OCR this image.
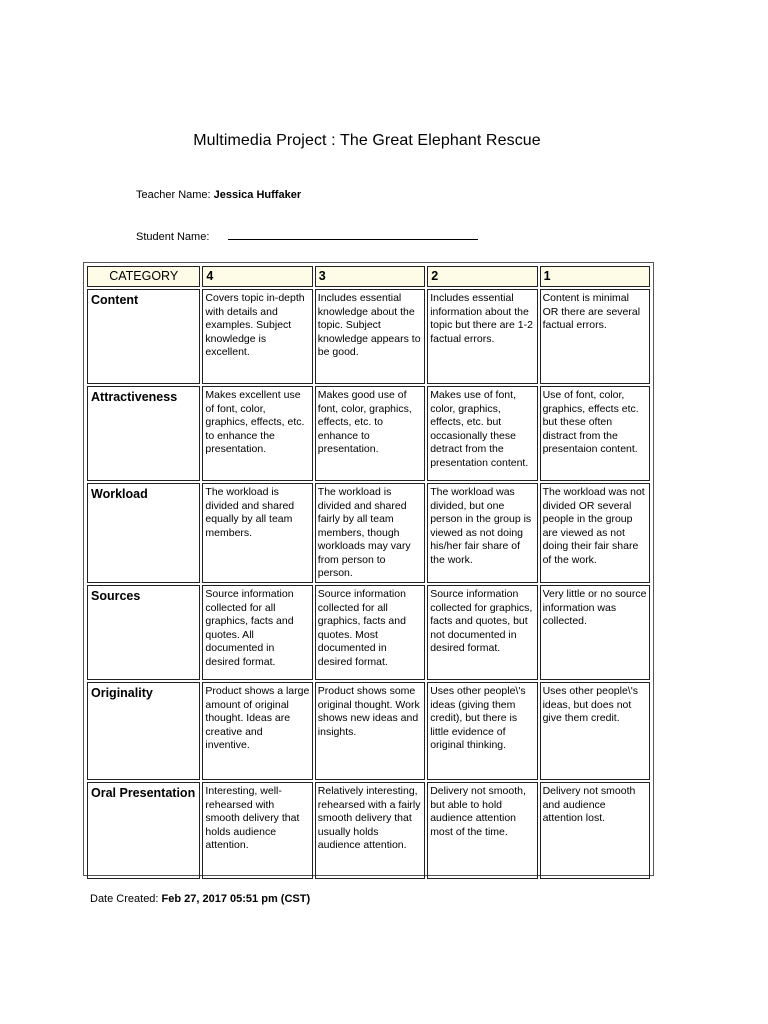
Multimedia Project : The Great Elephant Rescue
Teacher Name: Jessica Huffaker
Student Name:
CATEGORY	4	3	2	1
Content	Covers topic in-depth with details and examples. Subject knowledge is excellent.	Includes essential knowledge about the topic. Subject knowledge appears to be good.	Includes essential information about the topic but there are 1-2 factual errors.	Content is minimal OR there are several factual errors.
Attractiveness	Makes excellent use of font, color, graphics, effects, etc. to enhance the presentation.	Makes good use of font, color, graphics, effects, etc. to enhance to presentation.	Makes use of font, color, graphics, effects, etc. but occasionally these detract from the presentation content.	Use of font, color, graphics, effects etc. but these often distract from the presentaion content.
Workload	The workload is divided and shared equally by all team members.	The workload is divided and shared fairly by all team members, though workloads may vary from person to person.	The workload was divided, but one person in the group is viewed as not doing his/her fair share of the work.	The workload was not divided OR several people in the group are viewed as not doing their fair share of the work.
Sources	Source information collected for all graphics, facts and quotes. All documented in desired format.	Source information collected for all graphics, facts and quotes. Most documented in desired format.	Source information collected for graphics, facts and quotes, but not documented in desired format.	Very little or no source information was collected.
Originality	Product shows a large amount of original thought. Ideas are creative and inventive.	Product shows some original thought. Work shows new ideas and insights.	Uses other people\'s ideas (giving them credit), but there is little evidence of original thinking.	Uses other people\'s ideas, but does not give them credit.
Oral Presentation	Interesting, well-rehearsed with smooth delivery that holds audience attention.	Relatively interesting, rehearsed with a fairly smooth delivery that usually holds audience attention.	Delivery not smooth, but able to hold audience attention most of the time.	Delivery not smooth and audience attention lost.
Date Created: Feb 27, 2017 05:51 pm (CST)
